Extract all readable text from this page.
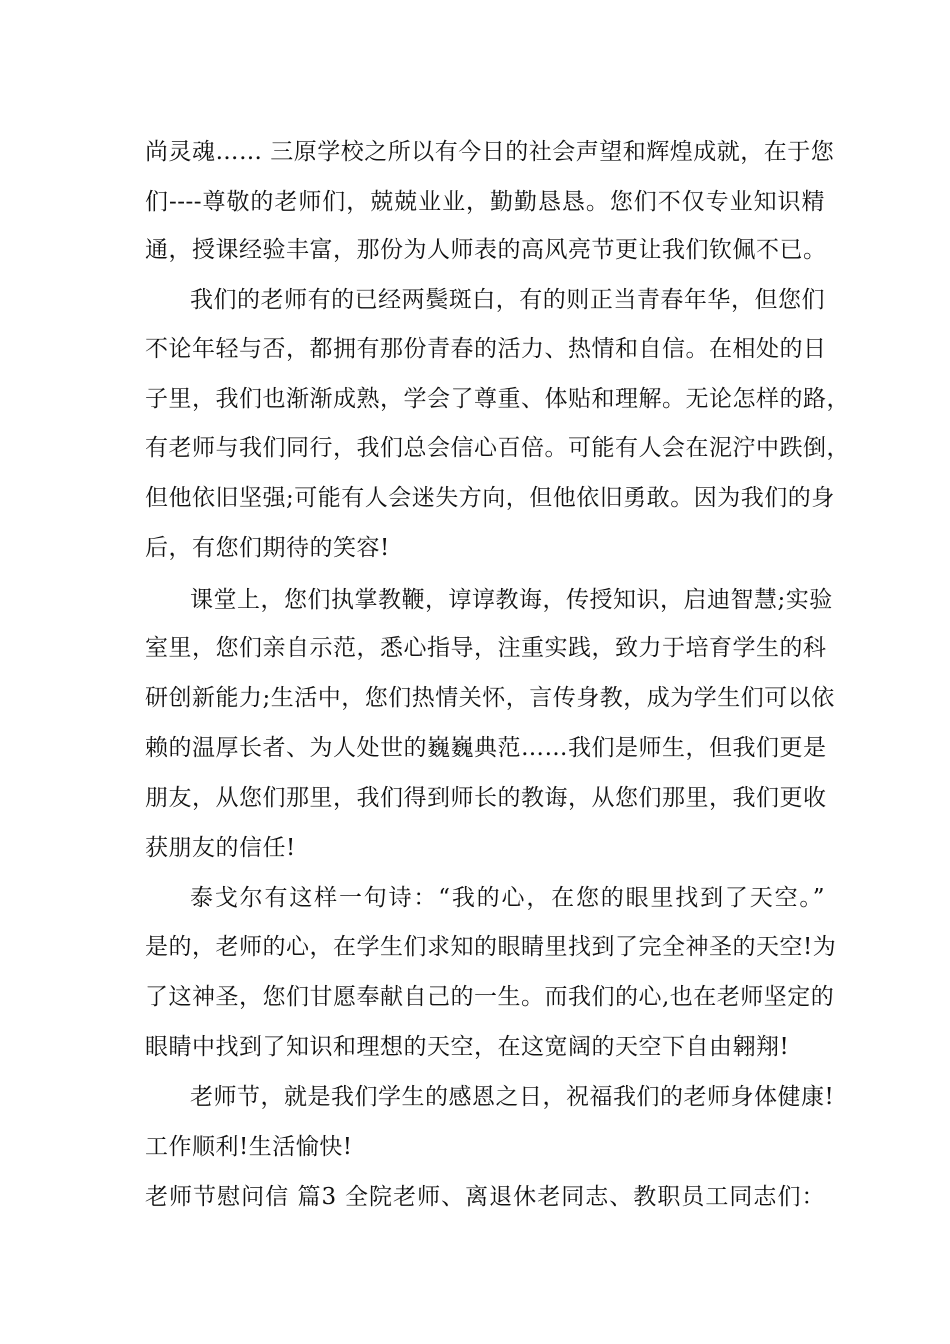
尚灵魂…… 三原学校之所以有今日的社会声望和辉煌成就，在于您
们----尊敬的老师们，兢兢业业，勤勤恳恳。您们不仅专业知识精
通，授课经验丰富，那份为人师表的高风亮节更让我们钦佩不已。
我们的老师有的已经两鬓斑白，有的则正当青春年华，但您们
不论年轻与否，都拥有那份青春的活力、热情和自信。在相处的日
子里，我们也渐渐成熟，学会了尊重、体贴和理解。无论怎样的路，
有老师与我们同行，我们总会信心百倍。可能有人会在泥泞中跌倒，
但他依旧坚强;可能有人会迷失方向，但他依旧勇敢。因为我们的身
后，有您们期待的笑容!
课堂上，您们执掌教鞭，谆谆教诲，传授知识，启迪智慧;实验
室里，您们亲自示范，悉心指导，注重实践，致力于培育学生的科
研创新能力;生活中，您们热情关怀，言传身教，成为学生们可以依
赖的温厚长者、为人处世的巍巍典范……我们是师生，但我们更是
朋友，从您们那里，我们得到师长的教诲，从您们那里，我们更收
获朋友的信任!
泰戈尔有这样一句诗：“我的心，在您的眼里找到了天空。”
是的，老师的心，在学生们求知的眼睛里找到了完全神圣的天空!为
了这神圣，您们甘愿奉献自己的一生。而我们的心,也在老师坚定的
眼睛中找到了知识和理想的天空，在这宽阔的天空下自由翱翔!
老师节，就是我们学生的感恩之日，祝福我们的老师身体健康!
工作顺利!生活愉快!
老师节慰问信 篇3 全院老师、离退休老同志、教职员工同志们：
